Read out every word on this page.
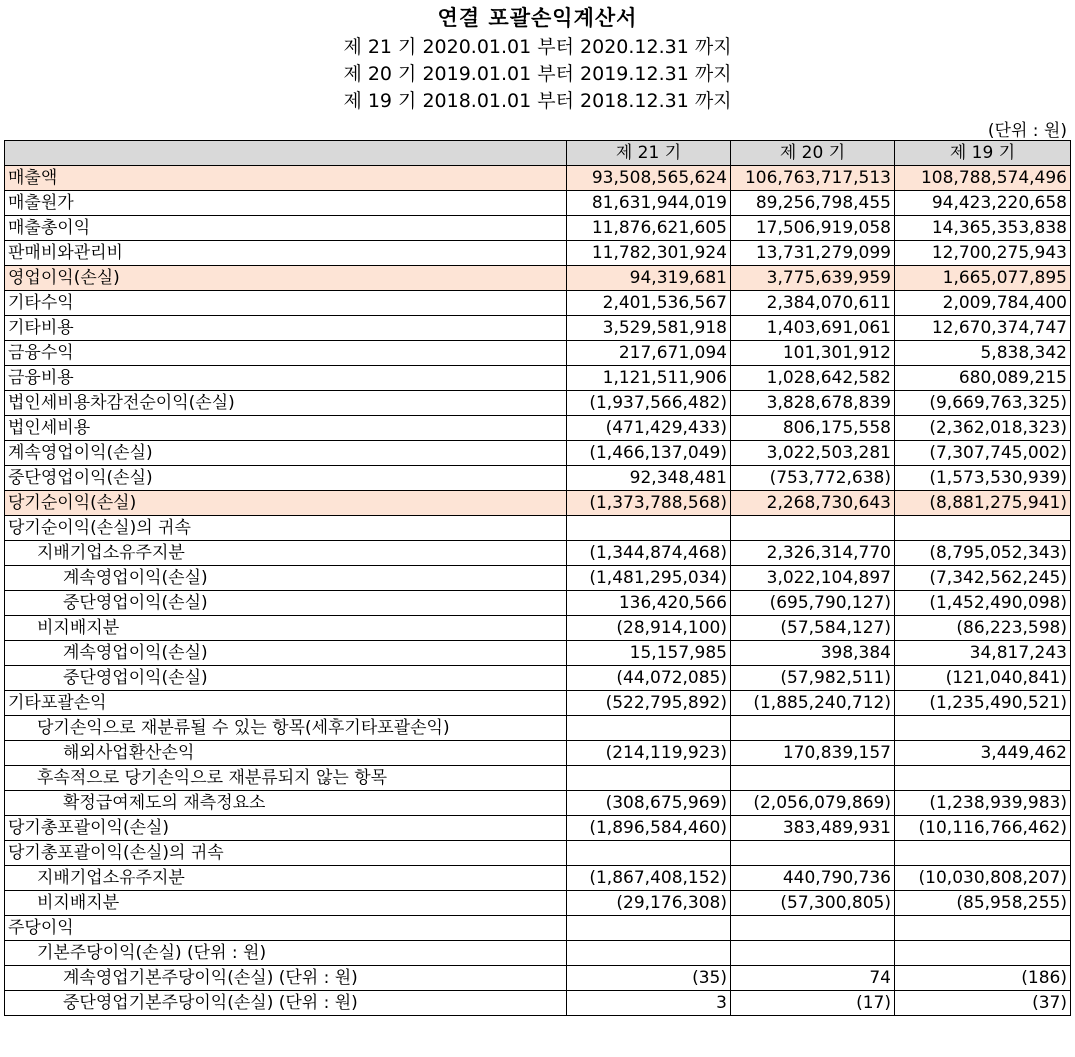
연결 포괄손익계산서
제 21 기 2020.01.01 부터 2020.12.31 까지
제 20 기 2019.01.01 부터 2019.12.31 까지
제 19 기 2018.01.01 부터 2018.12.31 까지
(단위 : 원)
	제 21 기	제 20 기	제 19 기
매출액	93,508,565,624	106,763,717,513	108,788,574,496
매출원가	81,631,944,019	89,256,798,455	94,423,220,658
매출총이익	11,876,621,605	17,506,919,058	14,365,353,838
판매비와관리비	11,782,301,924	13,731,279,099	12,700,275,943
영업이익(손실)	94,319,681	3,775,639,959	1,665,077,895
기타수익	2,401,536,567	2,384,070,611	2,009,784,400
기타비용	3,529,581,918	1,403,691,061	12,670,374,747
금융수익	217,671,094	101,301,912	5,838,342
금융비용	1,121,511,906	1,028,642,582	680,089,215
법인세비용차감전순이익(손실)	(1,937,566,482)	3,828,678,839	(9,669,763,325)
법인세비용	(471,429,433)	806,175,558	(2,362,018,323)
계속영업이익(손실)	(1,466,137,049)	3,022,503,281	(7,307,745,002)
중단영업이익(손실)	92,348,481	(753,772,638)	(1,573,530,939)
당기순이익(손실)	(1,373,788,568)	2,268,730,643	(8,881,275,941)
당기순이익(손실)의 귀속			
지배기업소유주지분	(1,344,874,468)	2,326,314,770	(8,795,052,343)
계속영업이익(손실)	(1,481,295,034)	3,022,104,897	(7,342,562,245)
중단영업이익(손실)	136,420,566	(695,790,127)	(1,452,490,098)
비지배지분	(28,914,100)	(57,584,127)	(86,223,598)
계속영업이익(손실)	15,157,985	398,384	34,817,243
중단영업이익(손실)	(44,072,085)	(57,982,511)	(121,040,841)
기타포괄손익	(522,795,892)	(1,885,240,712)	(1,235,490,521)
당기손익으로 재분류될 수 있는 항목(세후기타포괄손익)			
해외사업환산손익	(214,119,923)	170,839,157	3,449,462
후속적으로 당기손익으로 재분류되지 않는 항목			
확정급여제도의 재측정요소	(308,675,969)	(2,056,079,869)	(1,238,939,983)
당기총포괄이익(손실)	(1,896,584,460)	383,489,931	(10,116,766,462)
당기총포괄이익(손실)의 귀속			
지배기업소유주지분	(1,867,408,152)	440,790,736	(10,030,808,207)
비지배지분	(29,176,308)	(57,300,805)	(85,958,255)
주당이익			
기본주당이익(손실) (단위 : 원)			
계속영업기본주당이익(손실) (단위 : 원)	(35)	74	(186)
중단영업기본주당이익(손실) (단위 : 원)	3	(17)	(37)
